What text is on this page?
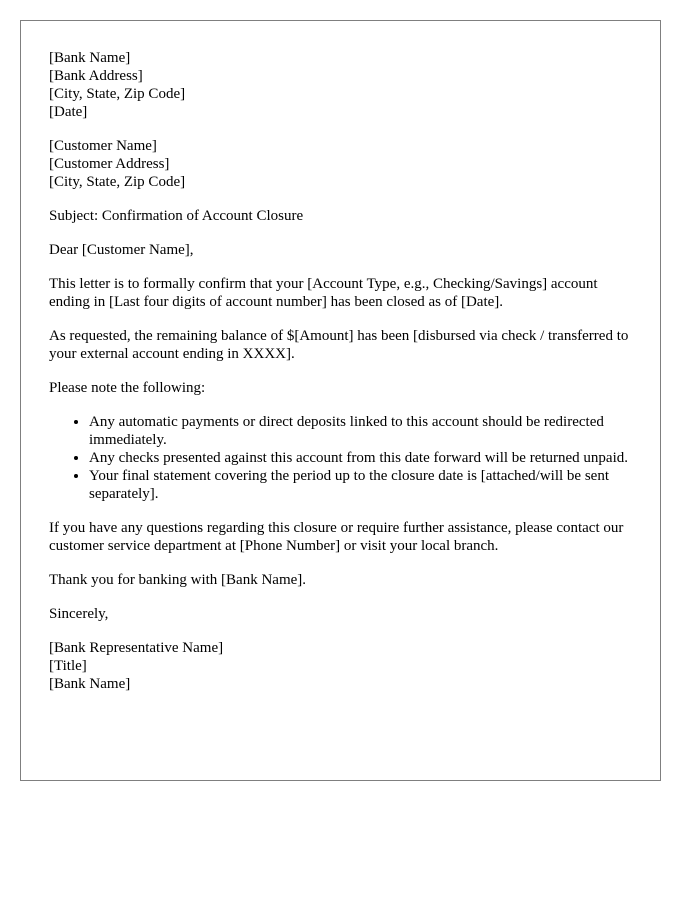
[Bank Name]
[Bank Address]
[City, State, Zip Code]
[Date]
[Customer Name]
[Customer Address]
[City, State, Zip Code]

Subject: Confirmation of Account Closure

Dear [Customer Name],

This letter is to formally confirm that your [Account Type, e.g., Checking/Savings] account ending in [Last four digits of account number] has been closed as of [Date].

As requested, the remaining balance of $[Amount] has been [disbursed via check / transferred to your external account ending in XXXX].

Please note the following:

• Any automatic payments or direct deposits linked to this account should be redirected immediately.
• Any checks presented against this account from this date forward will be returned unpaid.
• Your final statement covering the period up to the closure date is [attached/will be sent separately].

If you have any questions regarding this closure or require further assistance, please contact our customer service department at [Phone Number] or visit your local branch.

Thank you for banking with [Bank Name].

Sincerely,

[Bank Representative Name]
[Title]
[Bank Name]
